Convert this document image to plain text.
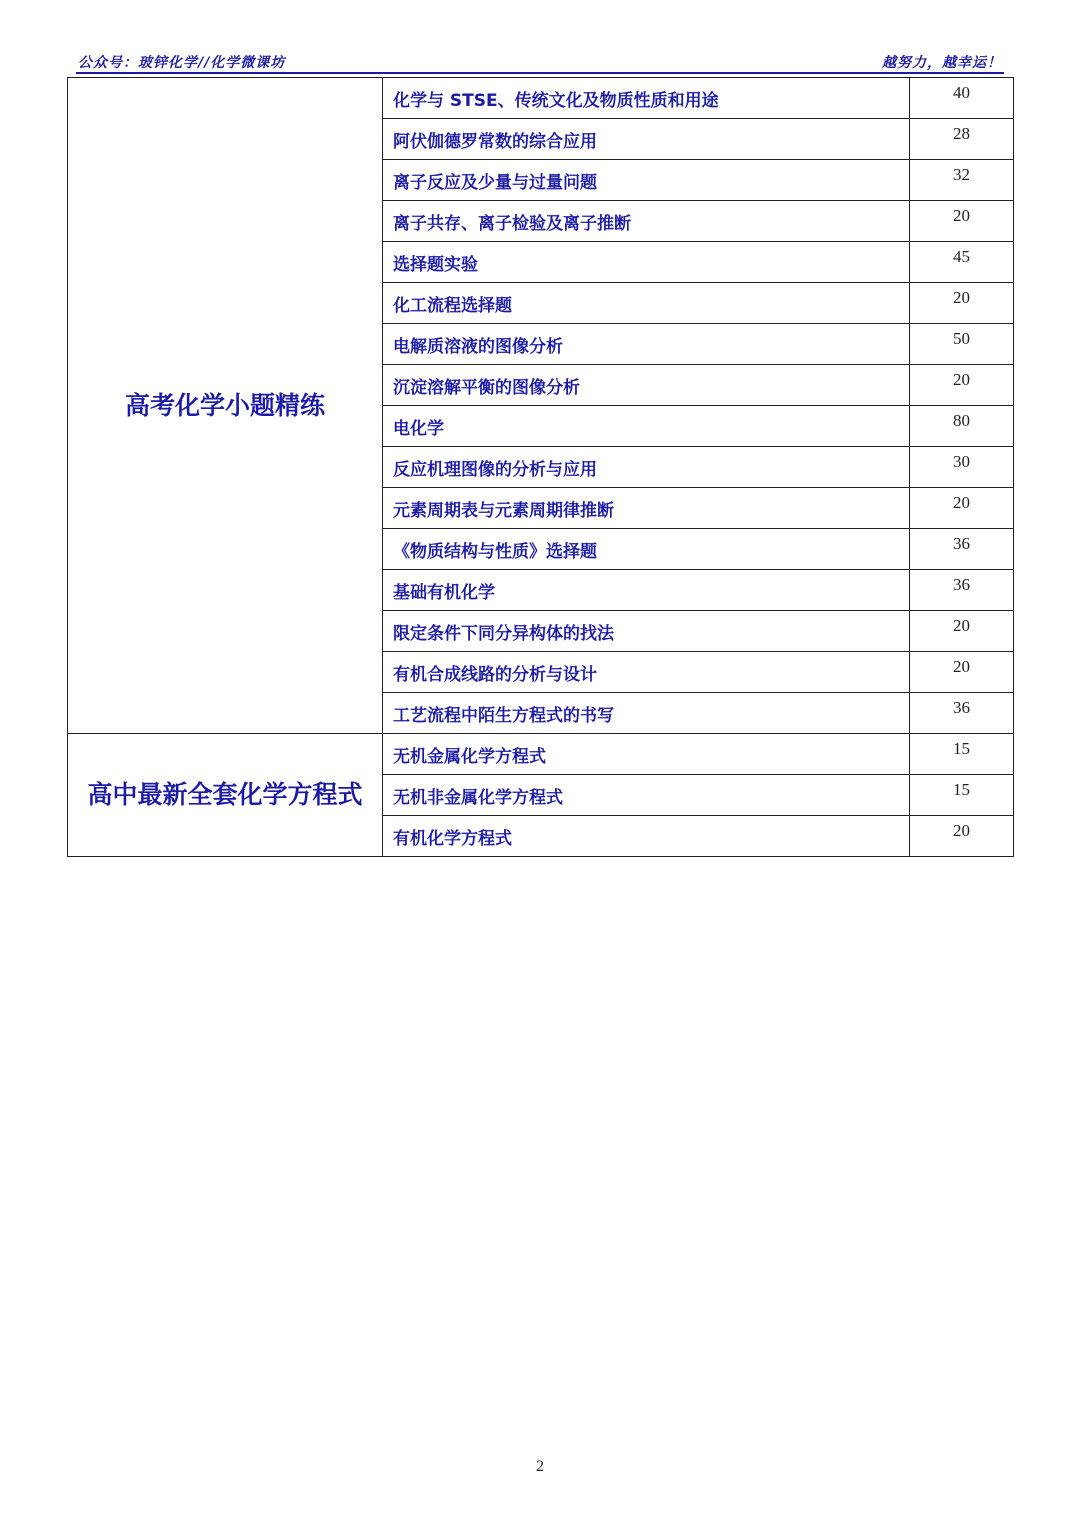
公众号：玻锌化学//化学微课坊	越努力，越幸运！
高考化学小题精练	化学与 STSE、传统文化及物质性质和用途	40
	阿伏伽德罗常数的综合应用	28
	离子反应及少量与过量问题	32
	离子共存、离子检验及离子推断	20
	选择题实验	45
	化工流程选择题	20
	电解质溶液的图像分析	50
	沉淀溶解平衡的图像分析	20
	电化学	80
	反应机理图像的分析与应用	30
	元素周期表与元素周期律推断	20
	《物质结构与性质》选择题	36
	基础有机化学	36
	限定条件下同分异构体的找法	20
	有机合成线路的分析与设计	20
	工艺流程中陌生方程式的书写	36
高中最新全套化学方程式	无机金属化学方程式	15
	无机非金属化学方程式	15
	有机化学方程式	20
2
